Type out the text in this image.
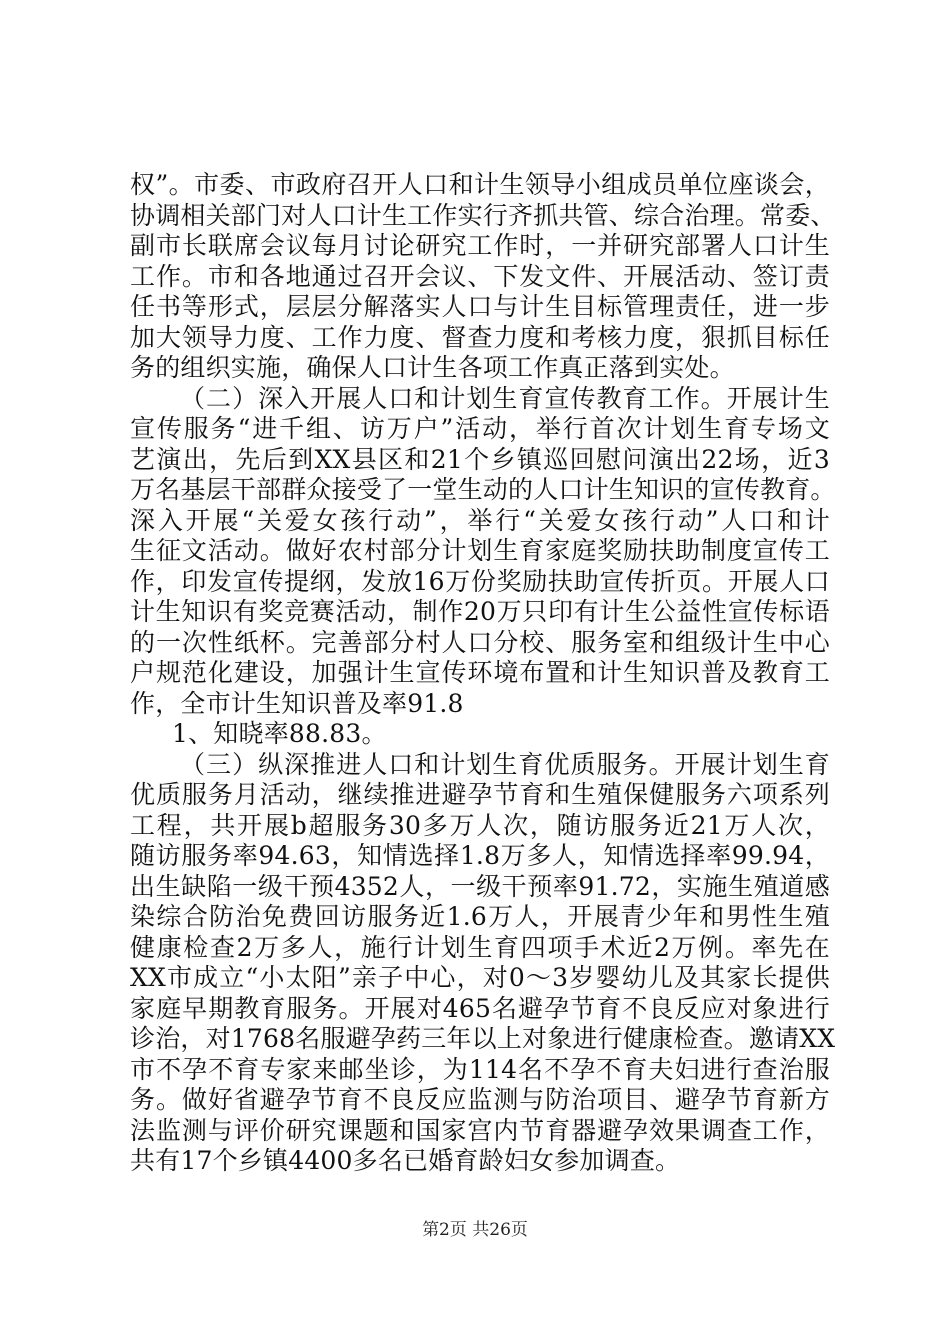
权”。市委、市政府召开人口和计生领导小组成员单位座谈会，
协调相关部门对人口计生工作实行齐抓共管、综合治理。常委、
副市长联席会议每月讨论研究工作时，一并研究部署人口计生
工作。市和各地通过召开会议、下发文件、开展活动、签订责
任书等形式，层层分解落实人口与计生目标管理责任，进一步
加大领导力度、工作力度、督查力度和考核力度，狠抓目标任
务的组织实施，确保人口计生各项工作真正落到实处。
（二）深入开展人口和计划生育宣传教育工作。开展计生
宣传服务“进千组、访万户”活动，举行首次计划生育专场文
艺演出，先后到XX县区和21个乡镇巡回慰问演出22场，近3
万名基层干部群众接受了一堂生动的人口计生知识的宣传教育。
深入开展“关爱女孩行动”，举行“关爱女孩行动”人口和计
生征文活动。做好农村部分计划生育家庭奖励扶助制度宣传工
作，印发宣传提纲，发放16万份奖励扶助宣传折页。开展人口
计生知识有奖竞赛活动，制作20万只印有计生公益性宣传标语
的一次性纸杯。完善部分村人口分校、服务室和组级计生中心
户规范化建设，加强计生宣传环境布置和计生知识普及教育工
作，全市计生知识普及率91.8
1、知晓率88.83。
（三）纵深推进人口和计划生育优质服务。开展计划生育
优质服务月活动，继续推进避孕节育和生殖保健服务六项系列
工程，共开展b超服务30多万人次，随访服务近21万人次，
随访服务率94.63，知情选择1.8万多人，知情选择率99.94，
出生缺陷一级干预4352人，一级干预率91.72，实施生殖道感
染综合防治免费回访服务近1.6万人，开展青少年和男性生殖
健康检查2万多人，施行计划生育四项手术近2万例。率先在
XX市成立“小太阳”亲子中心，对0～3岁婴幼儿及其家长提供
家庭早期教育服务。开展对465名避孕节育不良反应对象进行
诊治，对1768名服避孕药三年以上对象进行健康检查。邀请XX
市不孕不育专家来邮坐诊，为114名不孕不育夫妇进行查治服
务。做好省避孕节育不良反应监测与防治项目、避孕节育新方
法监测与评价研究课题和国家宫内节育器避孕效果调查工作，
共有17个乡镇4400多名已婚育龄妇女参加调查。
第2页 共26页
